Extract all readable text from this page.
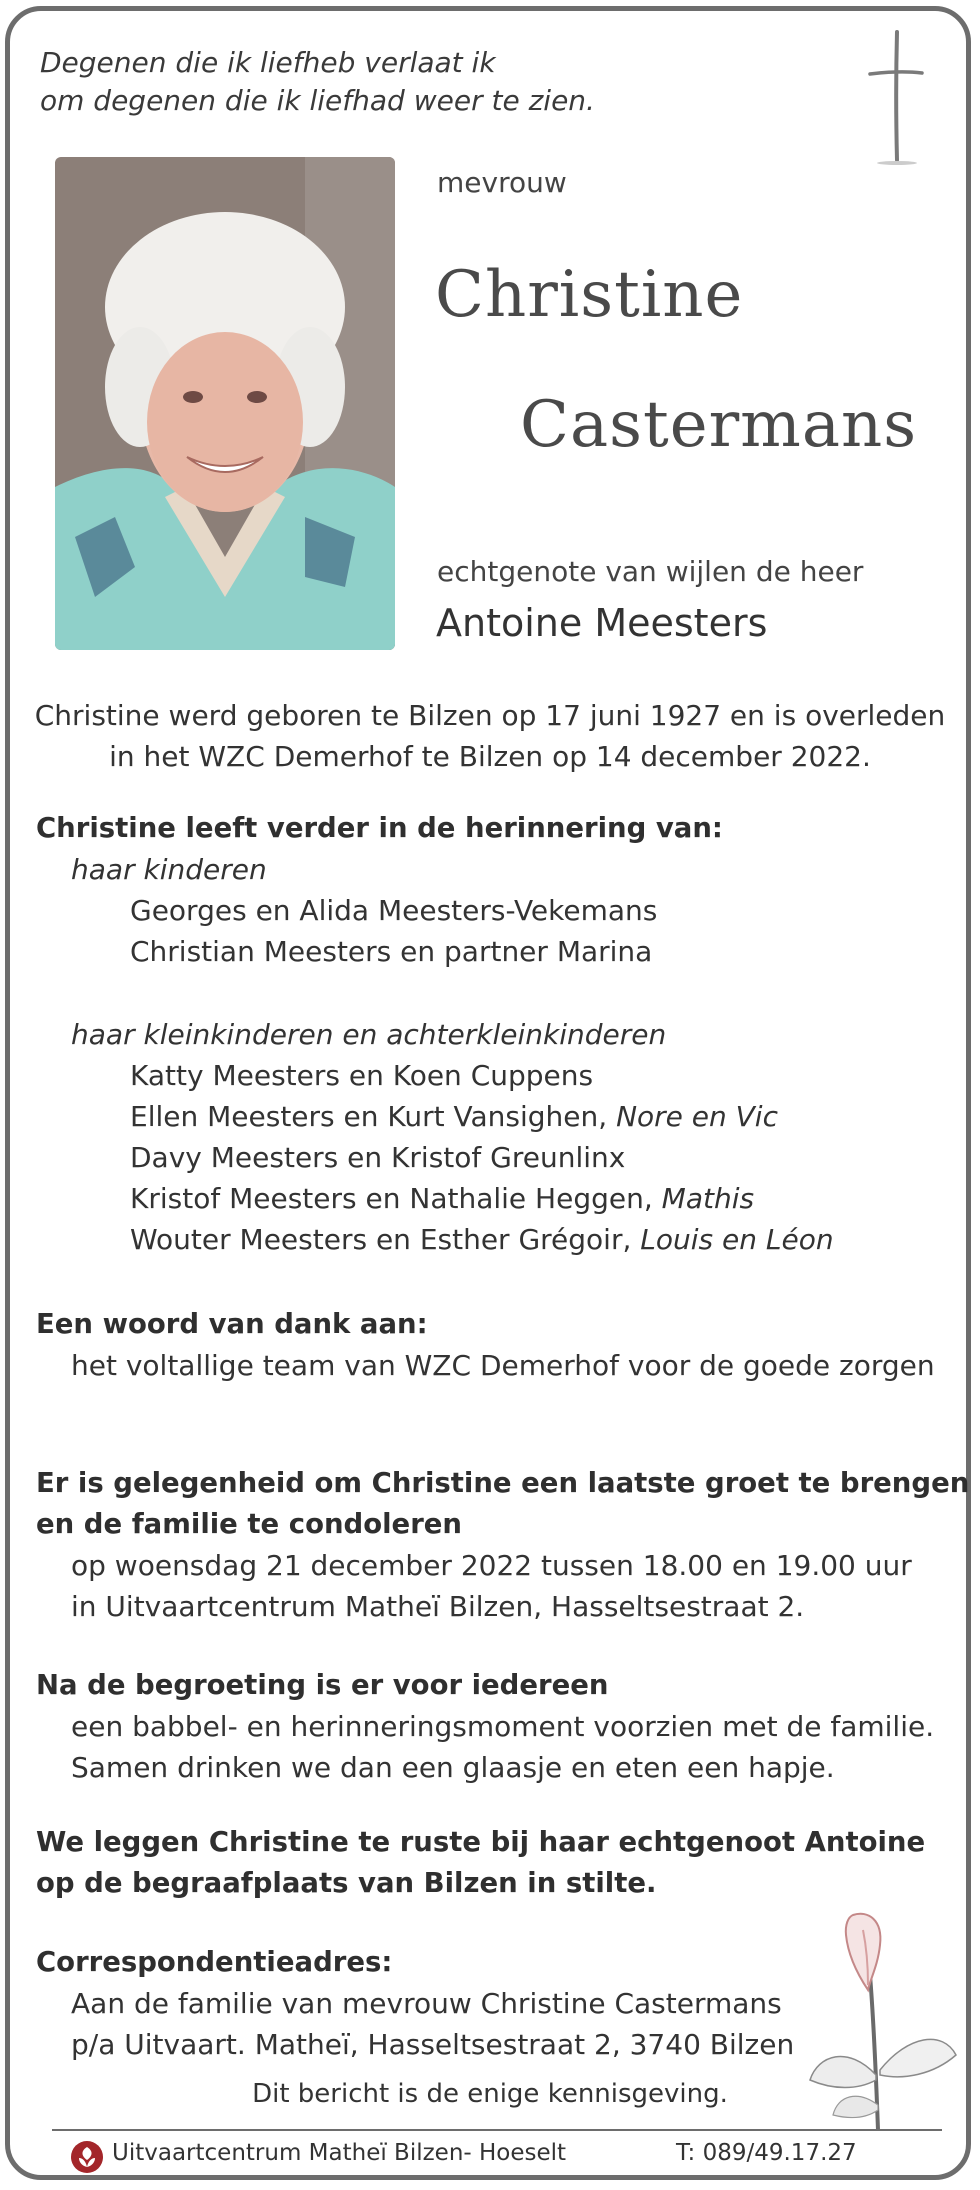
Degenen die ik liefheb verlaat ik
om degenen die ik liefhad weer te zien.
mevrouw
Christine
Castermans
echtgenote van wijlen de heer
Antoine Meesters
Christine werd geboren te Bilzen op 17 juni 1927 en is overleden
in het WZC Demerhof te Bilzen op 14 december 2022.
Christine leeft verder in de herinnering van:
haar kinderen
Georges en Alida Meesters-Vekemans
Christian Meesters en partner Marina
haar kleinkinderen en achterkleinkinderen
Katty Meesters en Koen Cuppens
Ellen Meesters en Kurt Vansighen, Nore en Vic
Davy Meesters en Kristof Greunlinx
Kristof Meesters en Nathalie Heggen, Mathis
Wouter Meesters en Esther Grégoir, Louis en Léon
Een woord van dank aan:
het voltallige team van WZC Demerhof voor de goede zorgen
Er is gelegenheid om Christine een laatste groet te brengen
en de familie te condoleren
op woensdag 21 december 2022 tussen 18.00 en 19.00 uur
in Uitvaartcentrum Matheï Bilzen, Hasseltsestraat 2.
Na de begroeting is er voor iedereen
een babbel- en herinneringsmoment voorzien met de familie.
Samen drinken we dan een glaasje en eten een hapje.
We leggen Christine te ruste bij haar echtgenoot Antoine
op de begraafplaats van Bilzen in stilte.
Correspondentieadres:
Aan de familie van mevrouw Christine Castermans
p/a Uitvaart. Matheï, Hasseltsestraat 2, 3740 Bilzen
Dit bericht is de enige kennisgeving.
Uitvaartcentrum Matheï Bilzen- Hoeselt	T: 089/49.17.27
